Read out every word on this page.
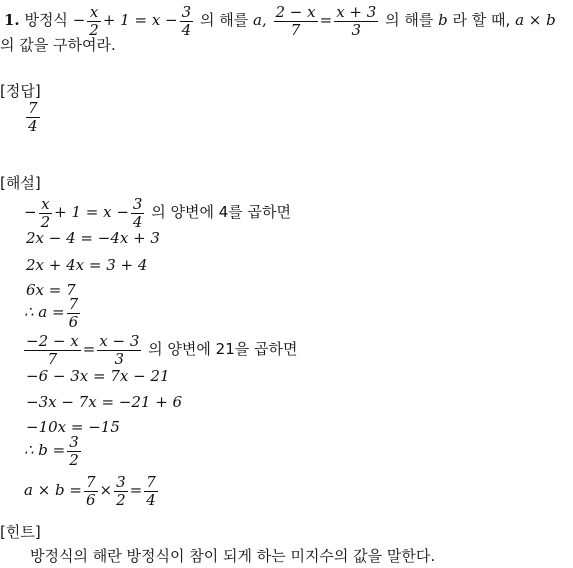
1. 방정식 − $\frac{x}{2} + 1 = x - \frac{3}{4}$ 의 해를 a, $\frac{2 - x}{7} = \frac{x + 3}{3}$ 의 해를 b 라 할 때, a × b
의 값을 구하여라.
[정답]
$\frac{7}{4}$
[해설]
− $\frac{x}{2} + 1 = x - \frac{3}{4}$ 의 양변에 4를 곱하면
2x − 4 = −4x + 3
2x + 4x = 3 + 4
6x = 7
∴ $a = \frac{7}{6}$
$\frac{-2 - x}{7} = \frac{x - 3}{3}$ 의 양변에 21을 곱하면
−6 − 3x = 7x − 21
−3x − 7x = −21 + 6
−10x = −15
∴ $b = \frac{3}{2}$
$a \times b = \frac{7}{6} \times \frac{3}{2} = \frac{7}{4}$
[힌트]
방정식의 해란 방정식이 참이 되게 하는 미지수의 값을 말한다.
